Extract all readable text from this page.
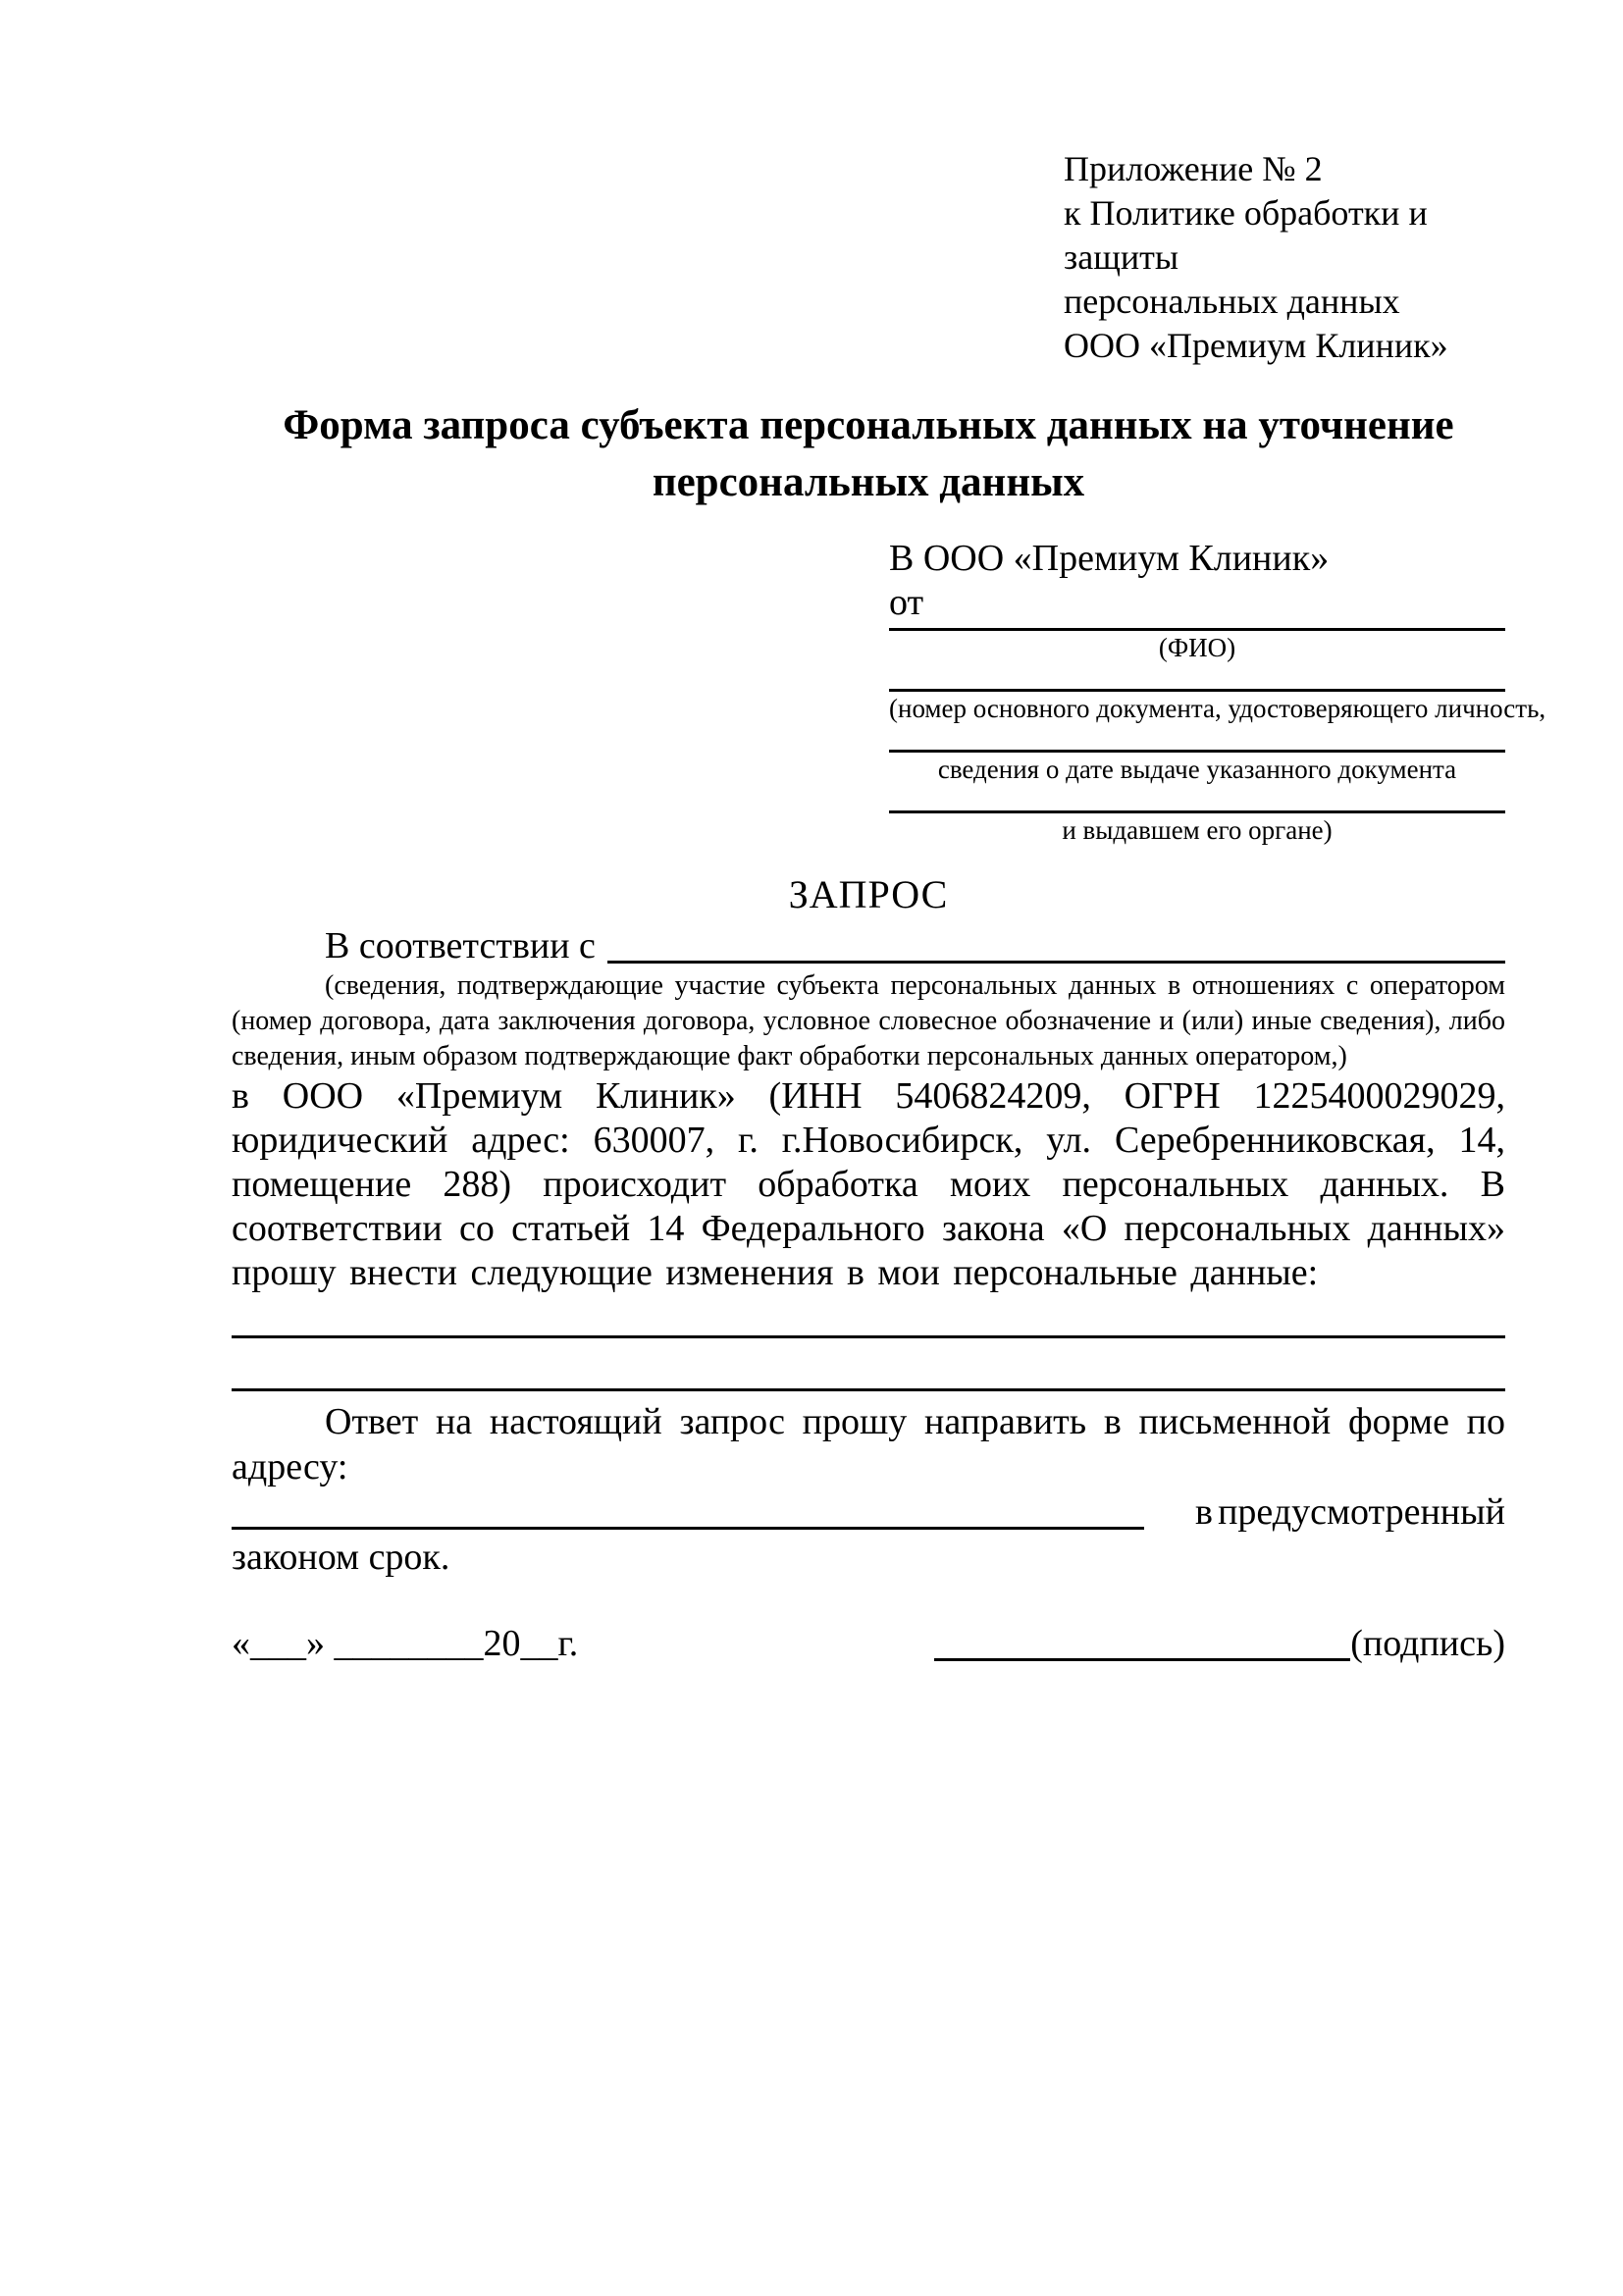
Приложение № 2
к Политике обработки и защиты
персональных данных
ООО «Премиум Клиник»
Форма запроса субъекта персональных данных на уточнение персональных данных
В ООО «Премиум Клиник»
от
(ФИО)
(номер основного документа, удостоверяющего личность,
сведения о дате выдаче указанного документа
и выдавшем его органе)
ЗАПРОС
В соответствии с
(сведения, подтверждающие участие субъекта персональных данных в отношениях с оператором (номер договора, дата заключения договора, условное словесное обозначение и (или) иные сведения), либо сведения, иным образом подтверждающие факт обработки персональных данных оператором,)

в ООО «Премиум Клиник» (ИНН 5406824209, ОГРН 1225400029029, юридический адрес: 630007, г. г.Новосибирск, ул. Серебренниковская, 14, помещение 288) происходит обработка моих персональных данных. В соответствии со статьей 14 Федерального закона «О персональных данных» прошу внести следующие изменения в мои персональные данные:

Ответ на настоящий запрос прошу направить в письменной форме по адресу:
в предусмотренный
законом срок.
«___» ________20__г.	(подпись)
